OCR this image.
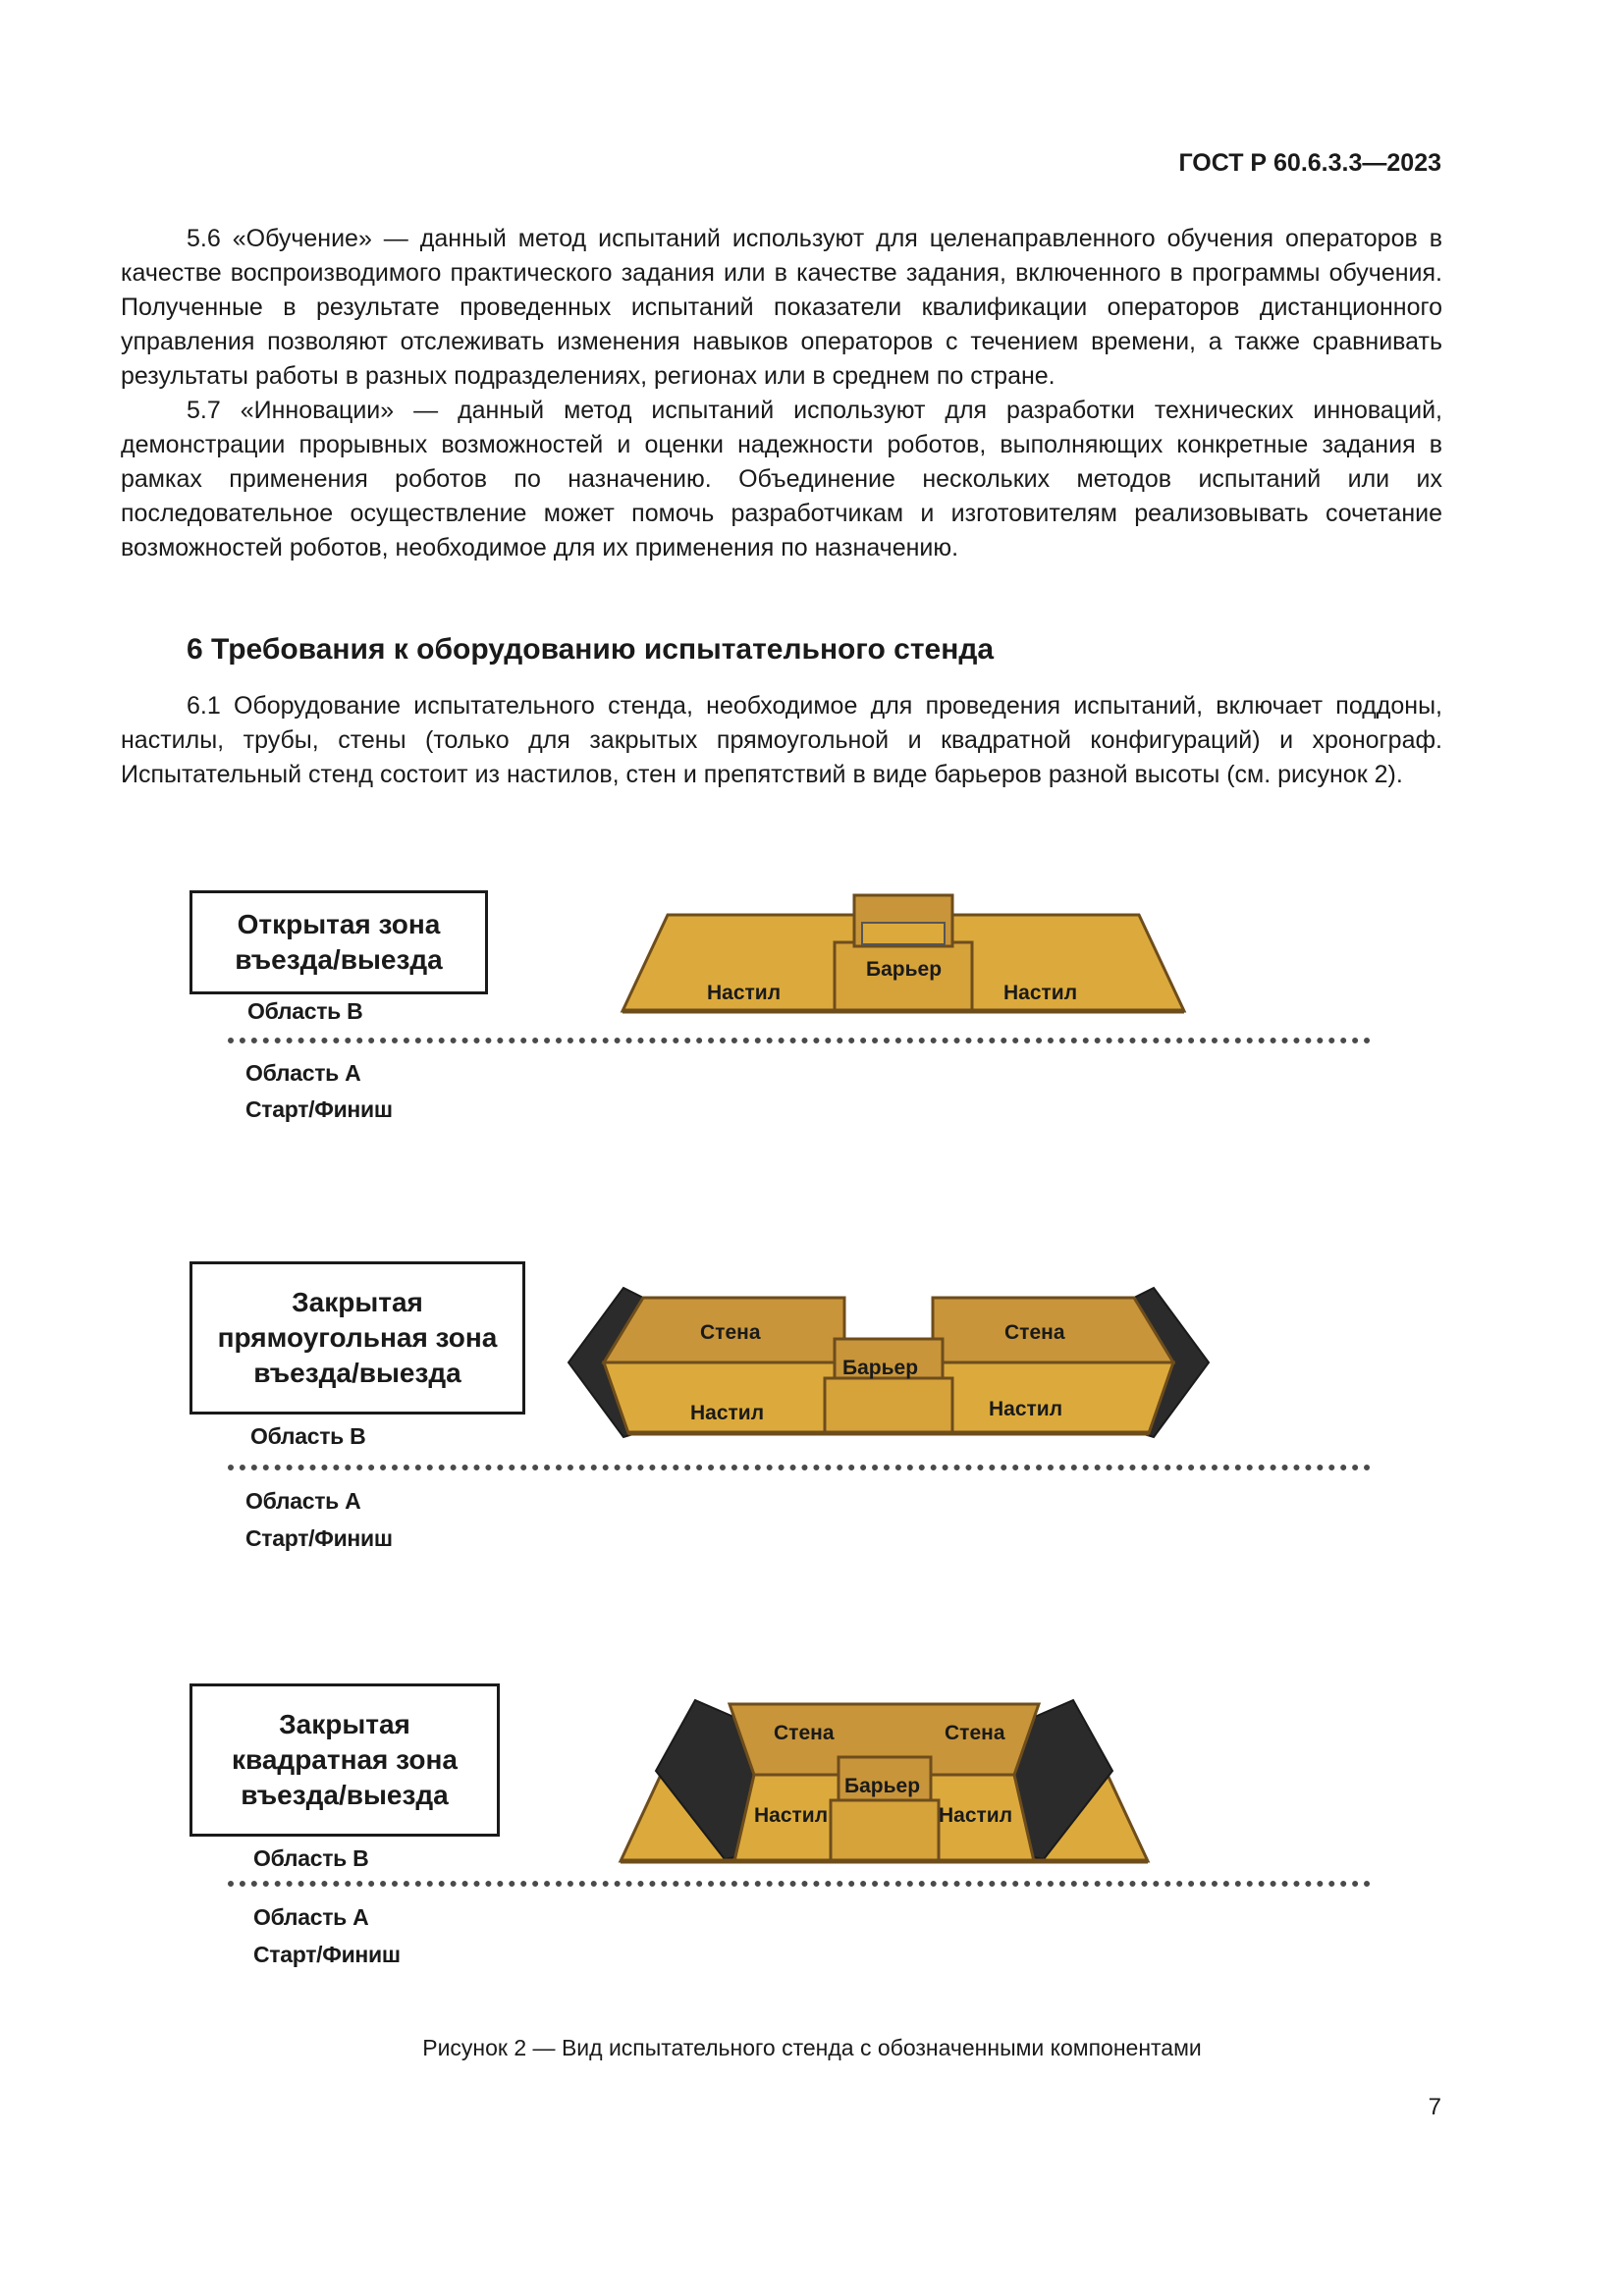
ГОСТ Р 60.6.3.3—2023

5.6 «Обучение» — данный метод испытаний используют для целенаправленного обучения операторов в качестве воспроизводимого практического задания или в качестве задания, включенного в программы обучения. Полученные в результате проведенных испытаний показатели квалификации операторов дистанционного управления позволяют отслеживать изменения навыков операторов с течением времени, а также сравнивать результаты работы в разных подразделениях, регионах или в среднем по стране.

5.7 «Инновации» — данный метод испытаний используют для разработки технических инноваций, демонстрации прорывных возможностей и оценки надежности роботов, выполняющих конкретные задания в рамках применения роботов по назначению. Объединение нескольких методов испытаний или их последовательное осуществление может помочь разработчикам и изготовителям реализовывать сочетание возможностей роботов, необходимое для их применения по назначению.

6 Требования к оборудованию испытательного стенда

6.1 Оборудование испытательного стенда, необходимое для проведения испытаний, включает поддоны, настилы, трубы, стены (только для закрытых прямоугольной и квадратной конфигураций) и хронограф. Испытательный стенд состоит из настилов, стен и препятствий в виде барьеров разной высоты (см. рисунок 2).

Открытая зона
въезда/выезда
Область В
Область А
Старт/Финиш
Настил
Барьер
Настил
Закрытая
прямоугольная зона
въезда/выезда
Область В
Область А
Старт/Финиш
Стена	Стена
Барьер
Настил	Настил
Закрытая
квадратная зона
въезда/выезда
Область В
Область А
Старт/Финиш
Стена	Стена
Барьер
Настил	Настил
Рисунок 2 — Вид испытательного стенда с обозначенными компонентами
7
